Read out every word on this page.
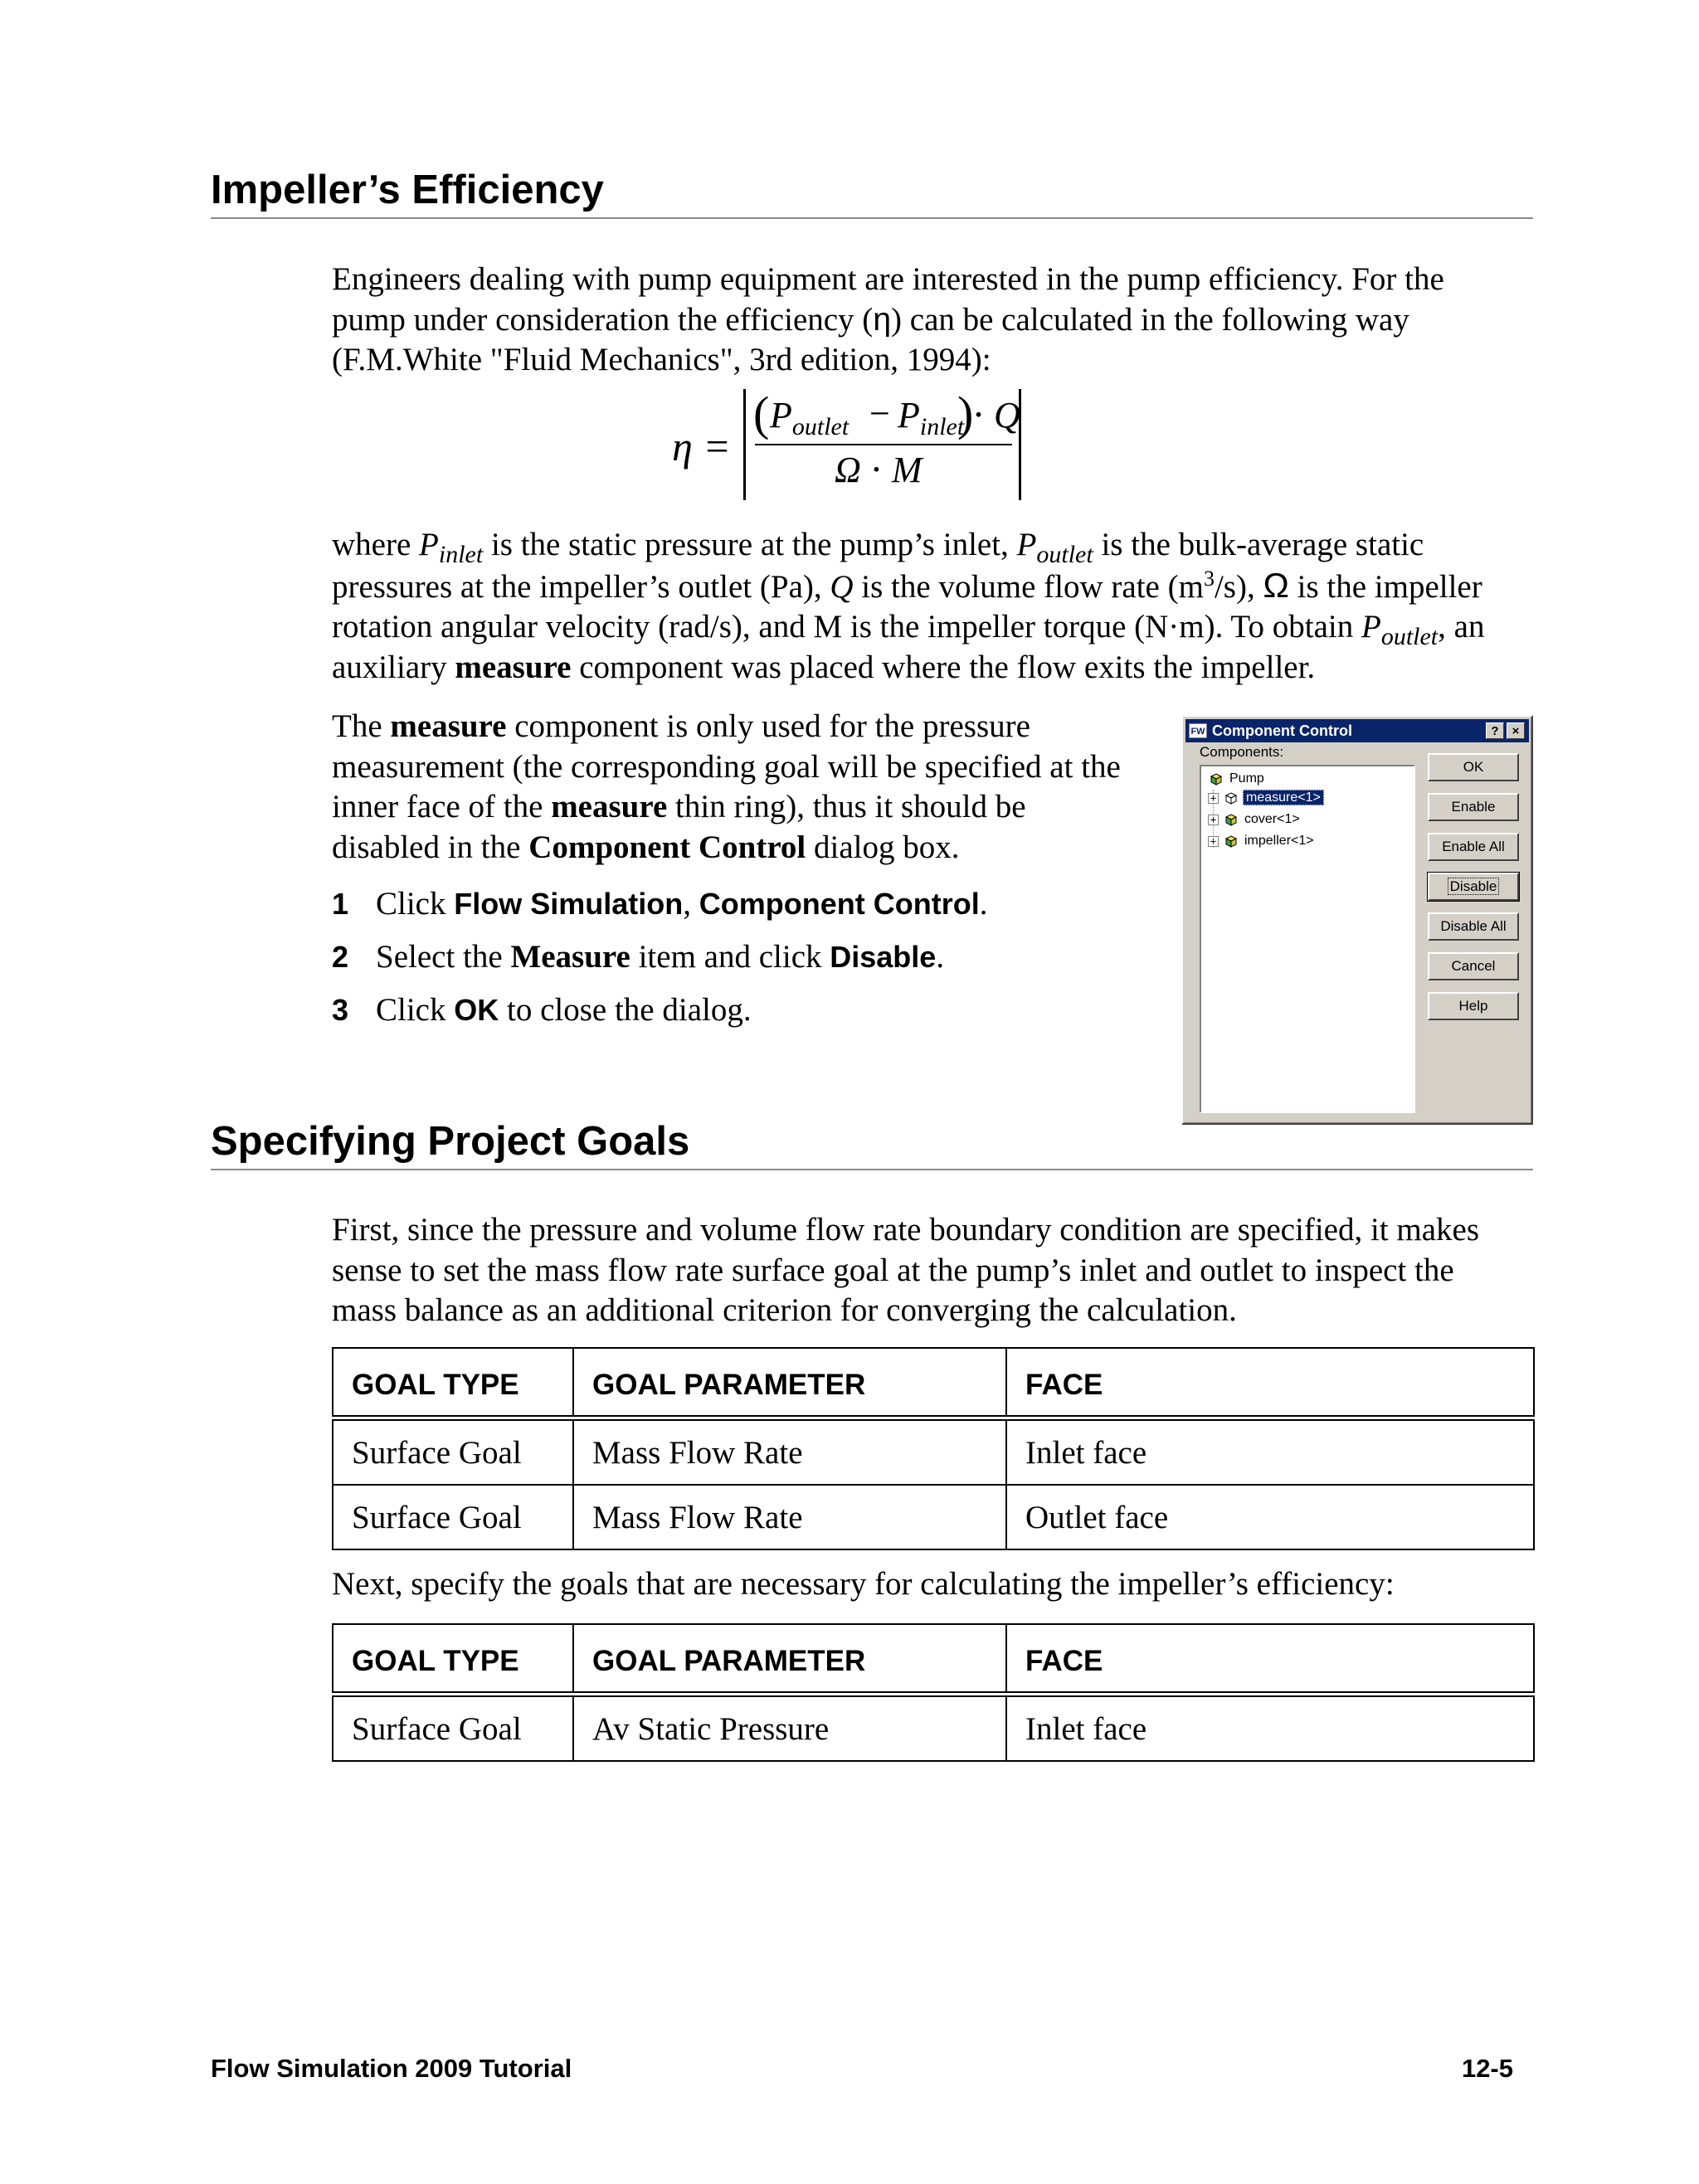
Impeller’s Efficiency
Engineers dealing with pump equipment are interested in the pump efficiency. For the
pump under consideration the efficiency (η) can be calculated in the following way
(F.M.White "Fluid Mechanics", 3rd edition, 1994):
η =
( $P_{outlet} - P_{inlet}$
)
⋅ Q
Ω ⋅ M
where $P_{inlet}$ is the static pressure at the pump’s inlet, $P_{outlet}$ is the bulk-average static
pressures at the impeller’s outlet (Pa), Q is the volume flow rate $(m^3/s)$, Ω is the impeller
rotation angular velocity (rad/s), and M is the impeller torque (N·m). To obtain $P_{outlet}$, an
auxiliary measure component was placed where the flow exits the impeller.
The measure component is only used for the pressure
measurement (the corresponding goal will be specified at the
inner face of the measure thin ring), thus it should be
disabled in the Component Control dialog box.
1 Click Flow Simulation, Component Control.
2 Select the Measure item and click Disable.
3 Click OK to close the dialog.
FW Component Control	?	×
Components:
Pump
+ measure<1>
+ cover<1>
+ impeller<1>
OK
Enable
Enable All
Disable
Disable All
Cancel
Help
Specifying Project Goals
First, since the pressure and volume flow rate boundary condition are specified, it makes
sense to set the mass flow rate surface goal at the pump’s inlet and outlet to inspect the
mass balance as an additional criterion for converging the calculation.
GOAL TYPE	GOAL PARAMETER	FACE
Surface Goal	Mass Flow Rate	Inlet face
Surface Goal	Mass Flow Rate	Outlet face
Next, specify the goals that are necessary for calculating the impeller’s efficiency:
GOAL TYPE	GOAL PARAMETER	FACE
Surface Goal	Av Static Pressure	Inlet face
Flow Simulation 2009 Tutorial	12-5
